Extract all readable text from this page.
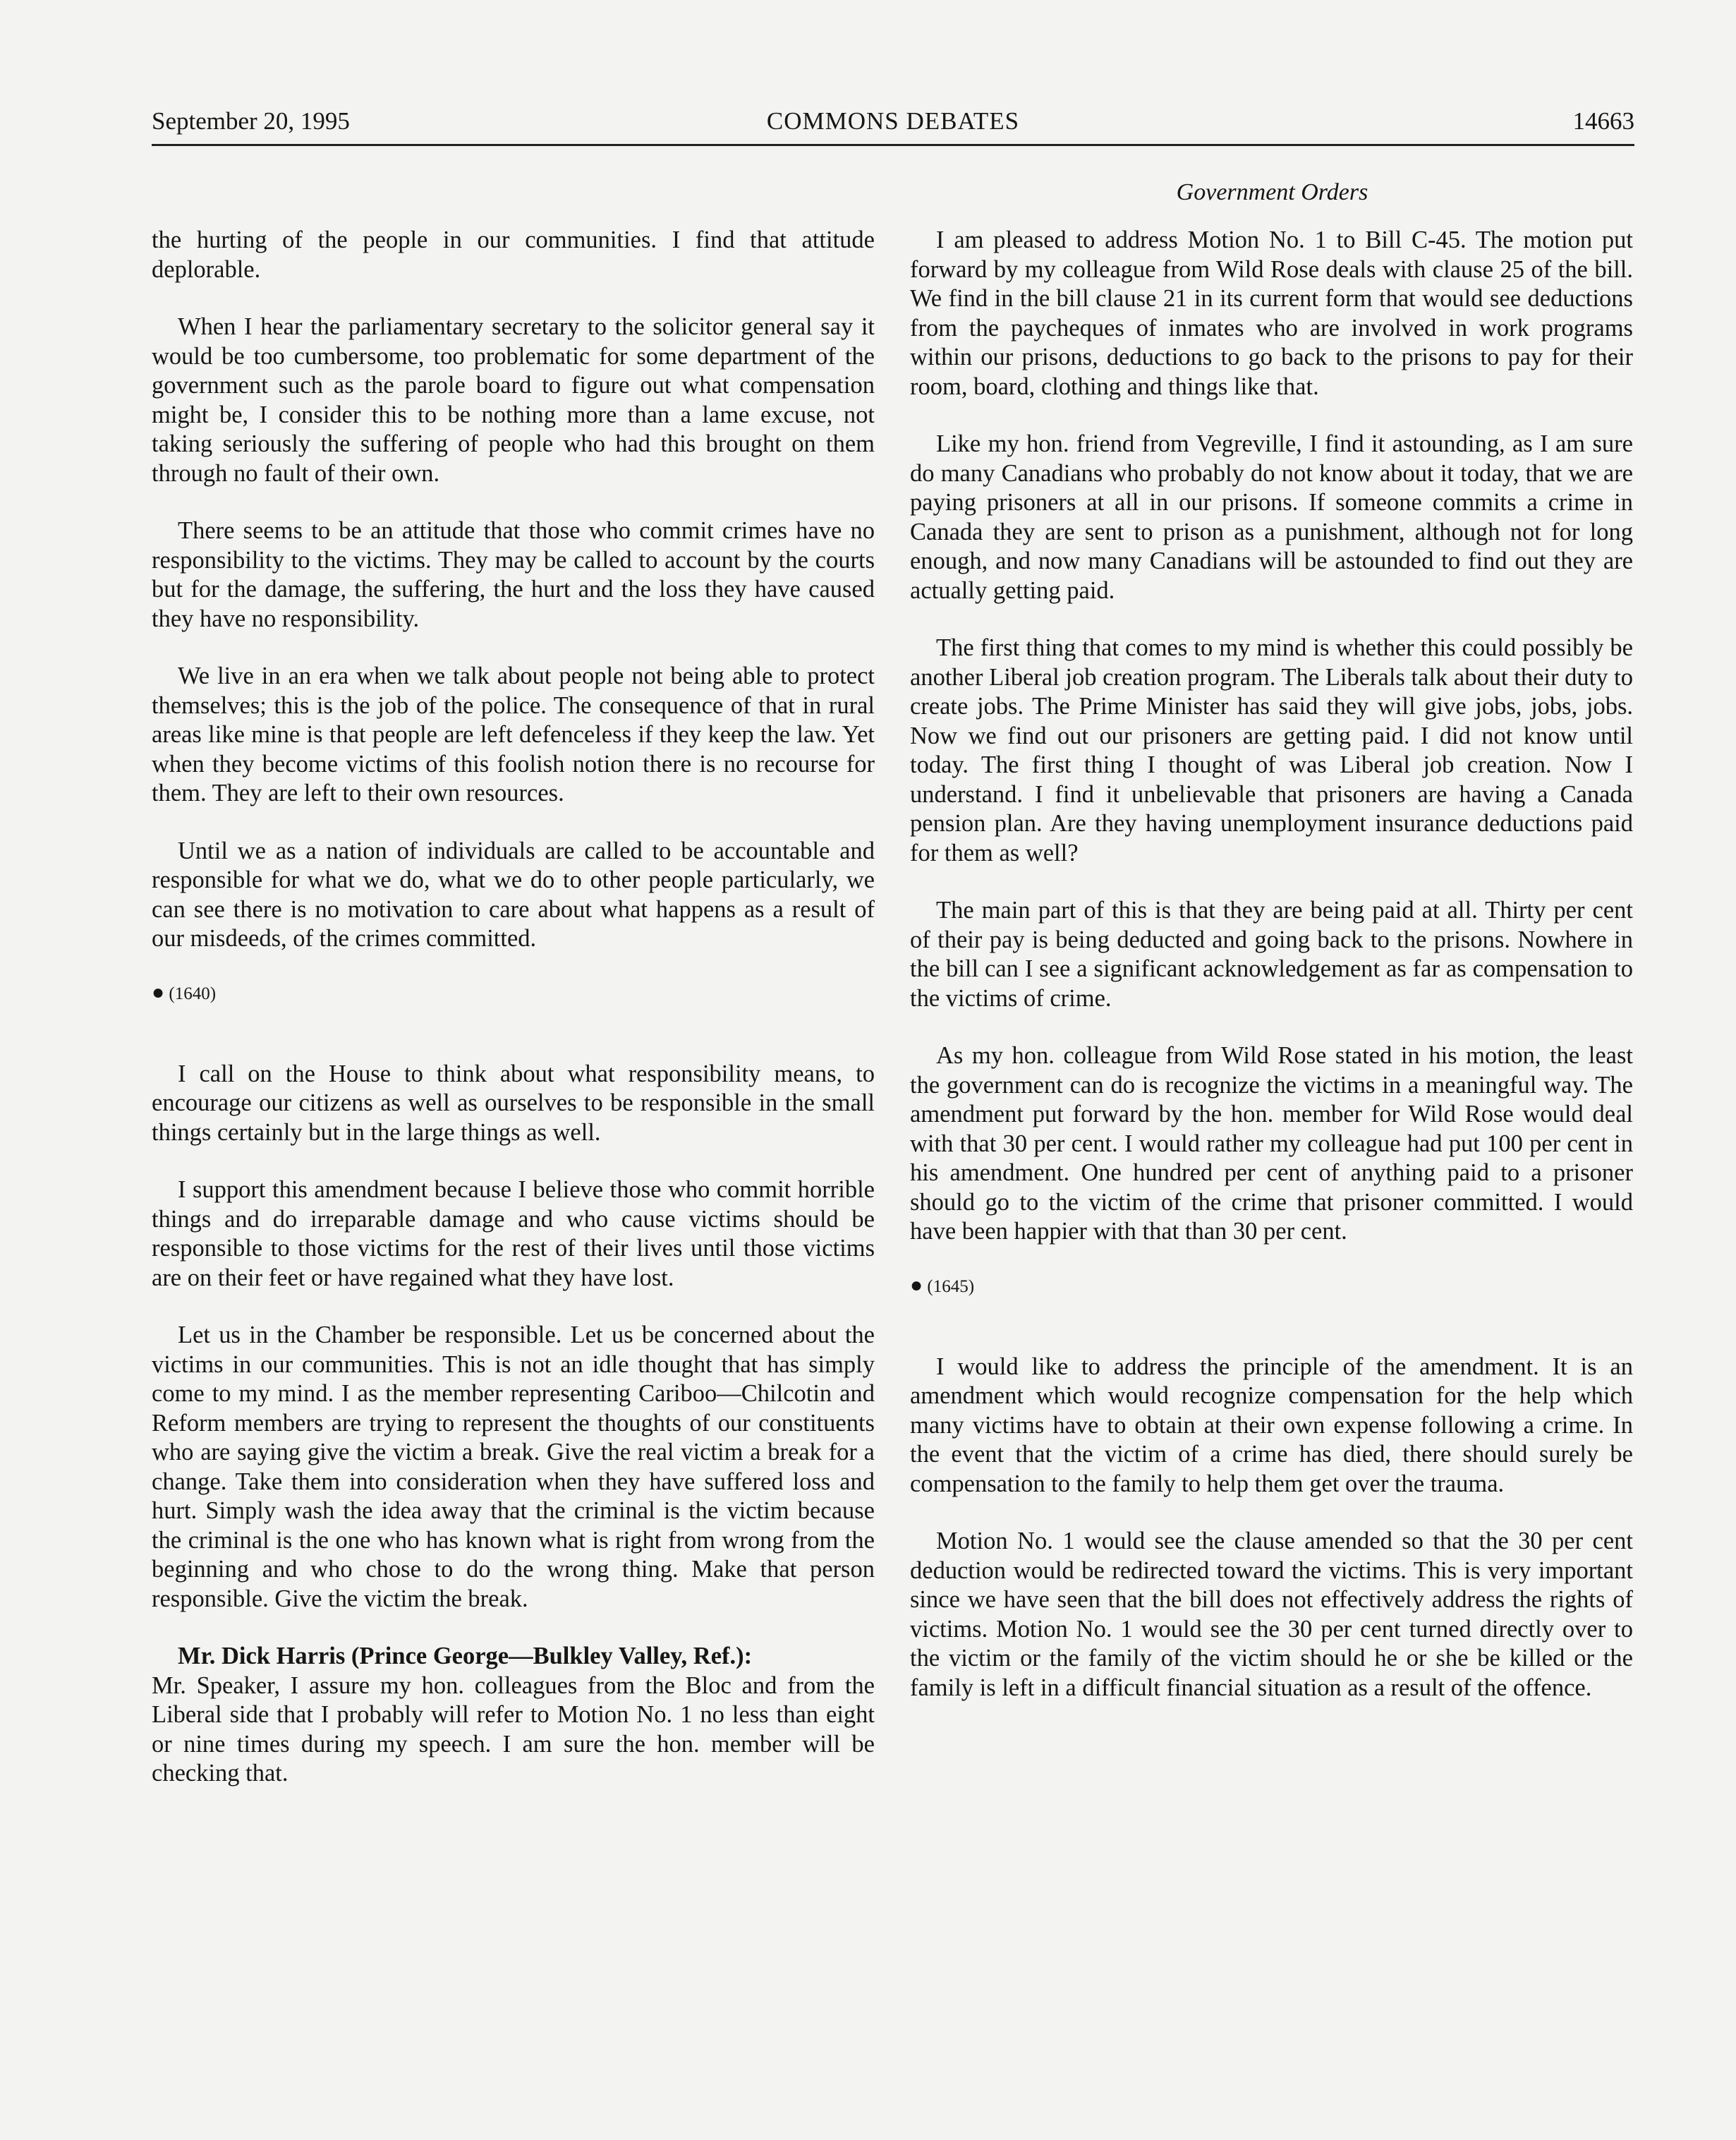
September 20, 1995	COMMONS DEBATES	14663
Government Orders

the hurting of the people in our communities. I find that attitude deplorable.

When I hear the parliamentary secretary to the solicitor general say it would be too cumbersome, too problematic for some department of the government such as the parole board to figure out what compensation might be, I consider this to be nothing more than a lame excuse, not taking seriously the suffering of people who had this brought on them through no fault of their own.

There seems to be an attitude that those who commit crimes have no responsibility to the victims. They may be called to account by the courts but for the damage, the suffering, the hurt and the loss they have caused they have no responsibility.

We live in an era when we talk about people not being able to protect themselves; this is the job of the police. The consequence of that in rural areas like mine is that people are left defenceless if they keep the law. Yet when they become victims of this foolish notion there is no recourse for them. They are left to their own resources.

Until we as a nation of individuals are called to be accountable and responsible for what we do, what we do to other people particularly, we can see there is no motivation to care about what happens as a result of our misdeeds, of the crimes committed.

● (1640)

I call on the House to think about what responsibility means, to encourage our citizens as well as ourselves to be responsible in the small things certainly but in the large things as well.

I support this amendment because I believe those who commit horrible things and do irreparable damage and who cause victims should be responsible to those victims for the rest of their lives until those victims are on their feet or have regained what they have lost.

Let us in the Chamber be responsible. Let us be concerned about the victims in our communities. This is not an idle thought that has simply come to my mind. I as the member representing Cariboo—Chilcotin and Reform members are trying to represent the thoughts of our constituents who are saying give the victim a break. Give the real victim a break for a change. Take them into consideration when they have suffered loss and hurt. Simply wash the idea away that the criminal is the victim because the criminal is the one who has known what is right from wrong from the beginning and who chose to do the wrong thing. Make that person responsible. Give the victim the break.

Mr. Dick Harris (Prince George—Bulkley Valley, Ref.):
Mr. Speaker, I assure my hon. colleagues from the Bloc and from the Liberal side that I probably will refer to Motion No. 1 no less than eight or nine times during my speech. I am sure the hon. member will be checking that.

I am pleased to address Motion No. 1 to Bill C-45. The motion put forward by my colleague from Wild Rose deals with clause 25 of the bill. We find in the bill clause 21 in its current form that would see deductions from the paycheques of inmates who are involved in work programs within our prisons, deductions to go back to the prisons to pay for their room, board, clothing and things like that.

Like my hon. friend from Vegreville, I find it astounding, as I am sure do many Canadians who probably do not know about it today, that we are paying prisoners at all in our prisons. If someone commits a crime in Canada they are sent to prison as a punishment, although not for long enough, and now many Canadians will be astounded to find out they are actually getting paid.

The first thing that comes to my mind is whether this could possibly be another Liberal job creation program. The Liberals talk about their duty to create jobs. The Prime Minister has said they will give jobs, jobs, jobs. Now we find out our prisoners are getting paid. I did not know until today. The first thing I thought of was Liberal job creation. Now I understand. I find it unbelievable that prisoners are having a Canada pension plan. Are they having unemployment insurance deductions paid for them as well?

The main part of this is that they are being paid at all. Thirty per cent of their pay is being deducted and going back to the prisons. Nowhere in the bill can I see a significant acknowledgement as far as compensation to the victims of crime.

As my hon. colleague from Wild Rose stated in his motion, the least the government can do is recognize the victims in a meaningful way. The amendment put forward by the hon. member for Wild Rose would deal with that 30 per cent. I would rather my colleague had put 100 per cent in his amendment. One hundred per cent of anything paid to a prisoner should go to the victim of the crime that prisoner committed. I would have been happier with that than 30 per cent.

● (1645)

I would like to address the principle of the amendment. It is an amendment which would recognize compensation for the help which many victims have to obtain at their own expense following a crime. In the event that the victim of a crime has died, there should surely be compensation to the family to help them get over the trauma.

Motion No. 1 would see the clause amended so that the 30 per cent deduction would be redirected toward the victims. This is very important since we have seen that the bill does not effectively address the rights of victims. Motion No. 1 would see the 30 per cent turned directly over to the victim or the family of the victim should he or she be killed or the family is left in a difficult financial situation as a result of the offence.
